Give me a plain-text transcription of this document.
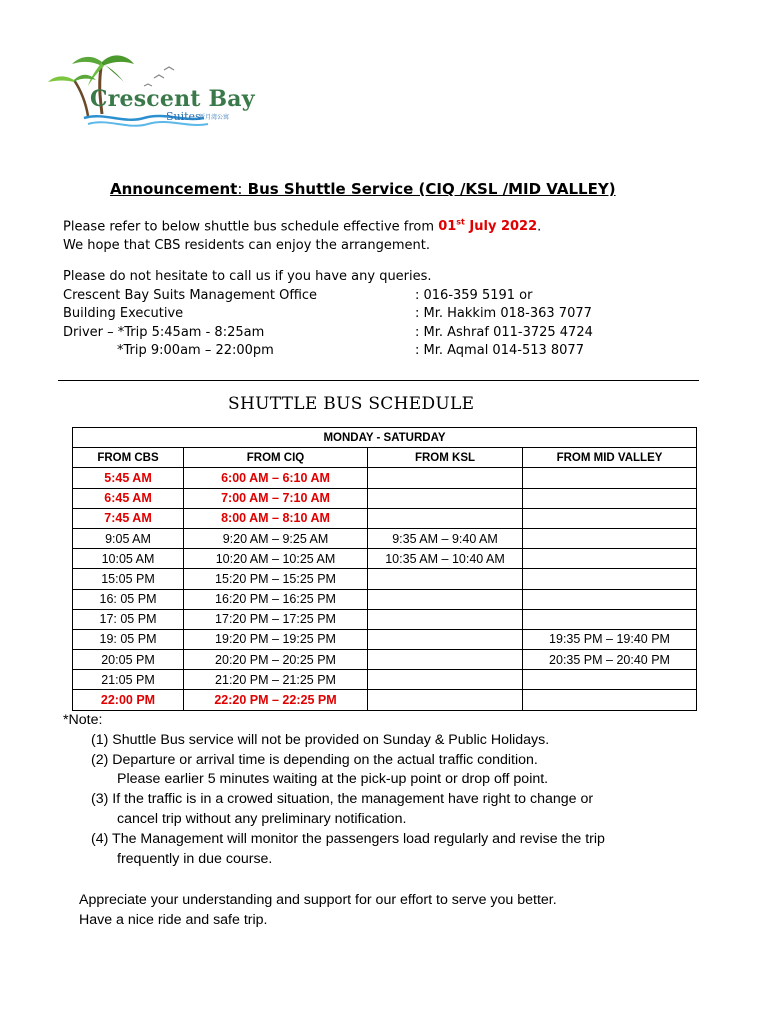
Crescent Bay
Suites
新月湾公寓
Announcement: Bus Shuttle Service (CIQ /KSL /MID VALLEY)
Please refer to below shuttle bus schedule effective from 01st July 2022.
We hope that CBS residents can enjoy the arrangement.
Please do not hesitate to call us if you have any queries.
Crescent Bay Suits Management Office	: 016-359 5191 or
Building Executive	: Mr. Hakkim 018-363 7077
Driver – *Trip 5:45am - 8:25am	: Mr. Ashraf 011-3725 4724
*Trip 9:00am – 22:00pm	: Mr. Aqmal 014-513 8077
SHUTTLE BUS SCHEDULE
MONDAY - SATURDAY			
FROM CBS	FROM CIQ	FROM KSL	FROM MID VALLEY
5:45 AM	6:00 AM – 6:10 AM		
6:45 AM	7:00 AM – 7:10 AM		
7:45 AM	8:00 AM – 8:10 AM		
9:05 AM	9:20 AM – 9:25 AM	9:35 AM – 9:40 AM	
10:05 AM	10:20 AM – 10:25 AM	10:35 AM – 10:40 AM	
15:05 PM	15:20 PM – 15:25 PM		
16: 05 PM	16:20 PM – 16:25 PM		
17: 05 PM	17:20 PM – 17:25 PM		
19: 05 PM	19:20 PM – 19:25 PM		19:35 PM – 19:40 PM
20:05 PM	20:20 PM – 20:25 PM		20:35 PM – 20:40 PM
21:05 PM	21:20 PM – 21:25 PM		
22:00 PM	22:20 PM – 22:25 PM		
*Note:
(1) Shuttle Bus service will not be provided on Sunday & Public Holidays.
(2) Departure or arrival time is depending on the actual traffic condition.
Please earlier 5 minutes waiting at the pick-up point or drop off point.
(3) If the traffic is in a crowed situation, the management have right to change or
cancel trip without any preliminary notification.
(4) The Management will monitor the passengers load regularly and revise the trip
frequently in due course.
Appreciate your understanding and support for our effort to serve you better.
Have a nice ride and safe trip.
